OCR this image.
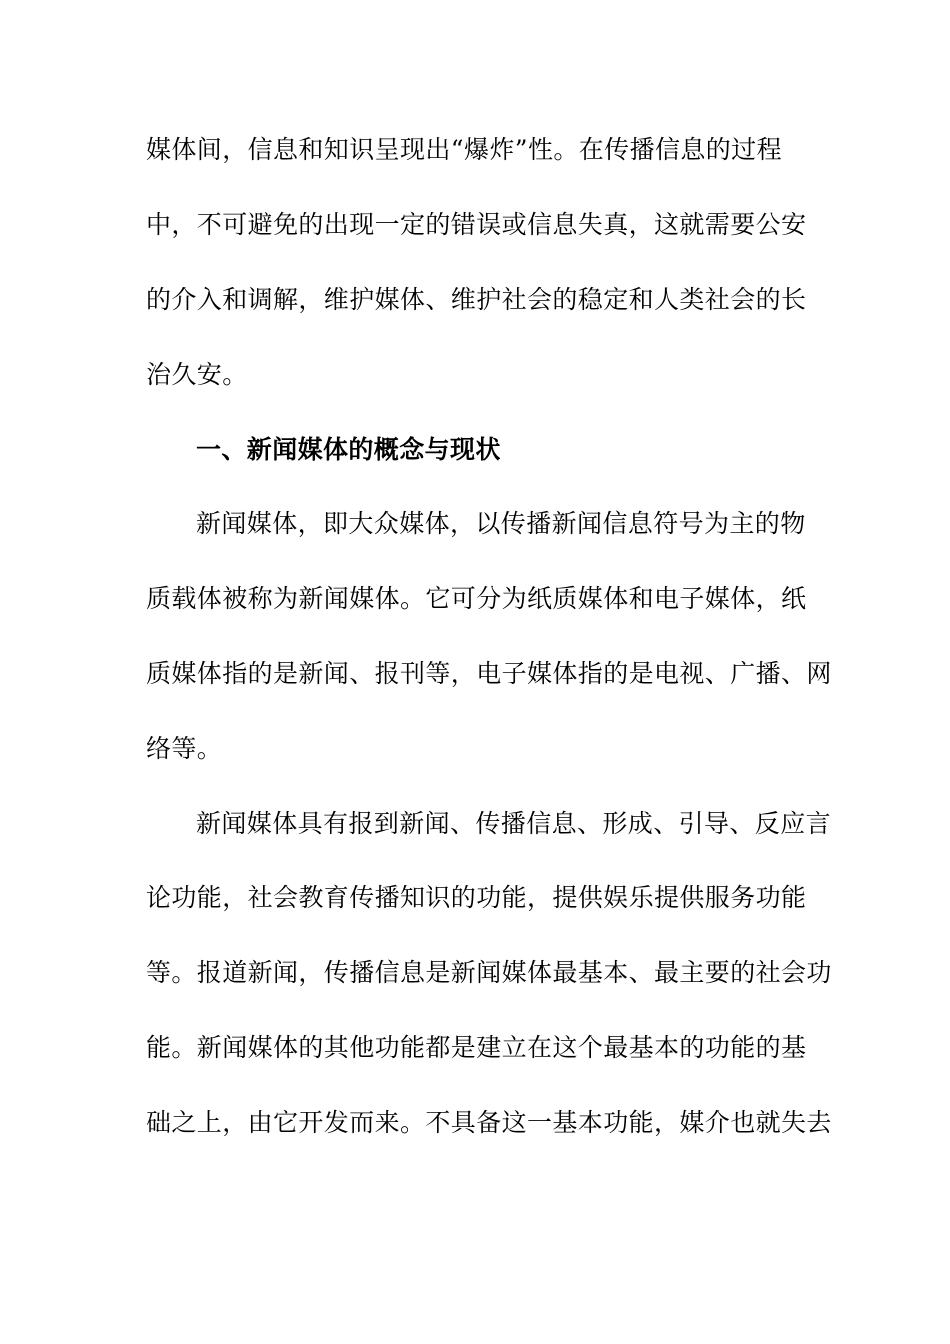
媒体间，信息和知识呈现出“爆炸”性。在传播信息的过程
中，不可避免的出现一定的错误或信息失真，这就需要公安
的介入和调解，维护媒体、维护社会的稳定和人类社会的长
治久安。
一、新闻媒体的概念与现状
新闻媒体，即大众媒体，以传播新闻信息符号为主的物
质载体被称为新闻媒体。它可分为纸质媒体和电子媒体，纸
质媒体指的是新闻、报刊等，电子媒体指的是电视、广播、网
络等。
新闻媒体具有报到新闻、传播信息、形成、引导、反应言
论功能，社会教育传播知识的功能，提供娱乐提供服务功能
等。报道新闻，传播信息是新闻媒体最基本、最主要的社会功
能。新闻媒体的其他功能都是建立在这个最基本的功能的基
础之上，由它开发而来。不具备这一基本功能，媒介也就失去
